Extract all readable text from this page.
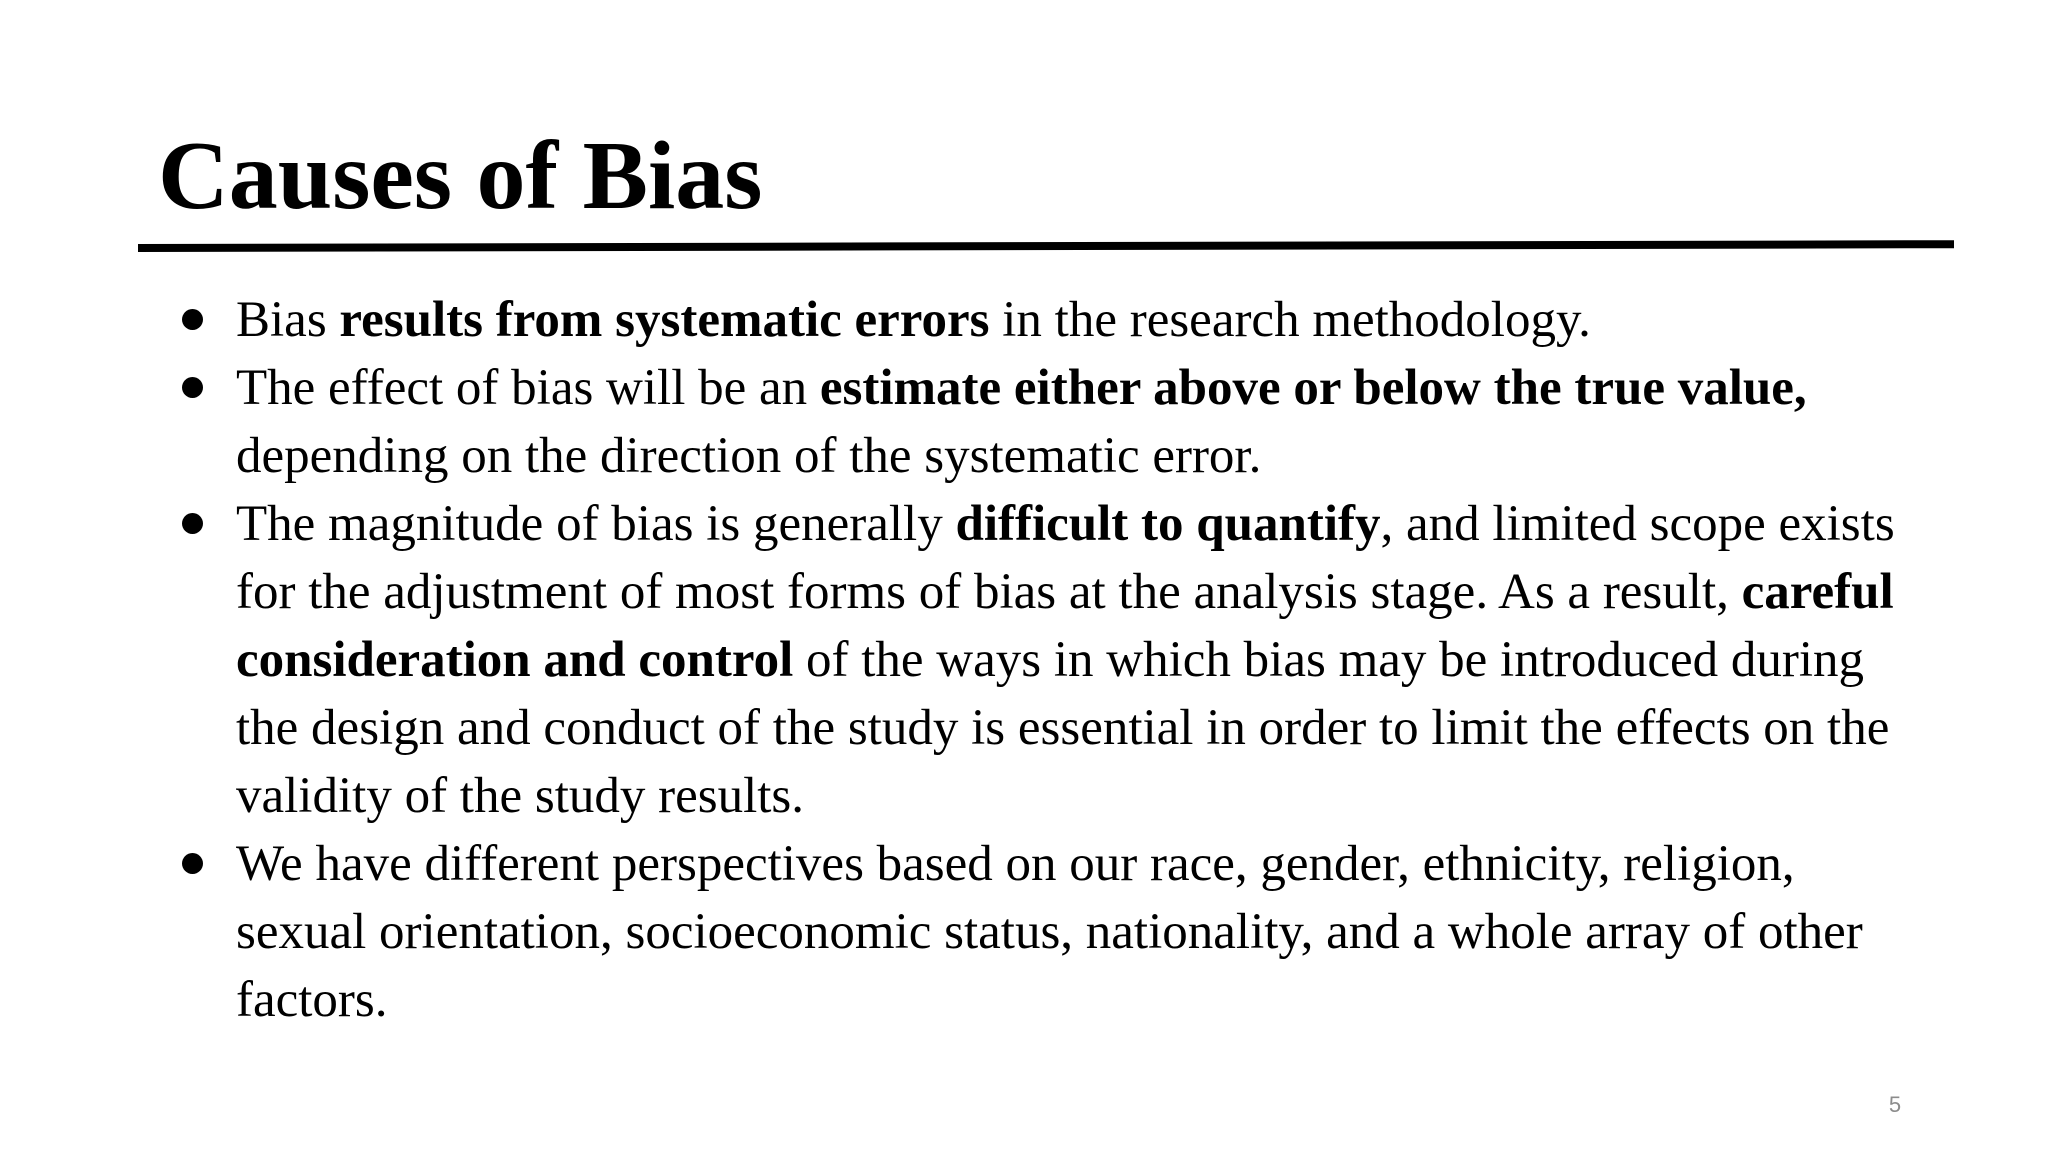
Causes of Bias
Bias results from systematic errors in the research methodology.
The effect of bias will be an estimate either above or below the true value, depending on the direction of the systematic error.
The magnitude of bias is generally difficult to quantify, and limited scope exists for the adjustment of most forms of bias at the analysis stage. As a result, careful consideration and control of the ways in which bias may be introduced during the design and conduct of the study is essential in order to limit the effects on the validity of the study results.
We have different perspectives based on our race, gender, ethnicity, religion, sexual orientation, socioeconomic status, nationality, and a whole array of other factors.
5
